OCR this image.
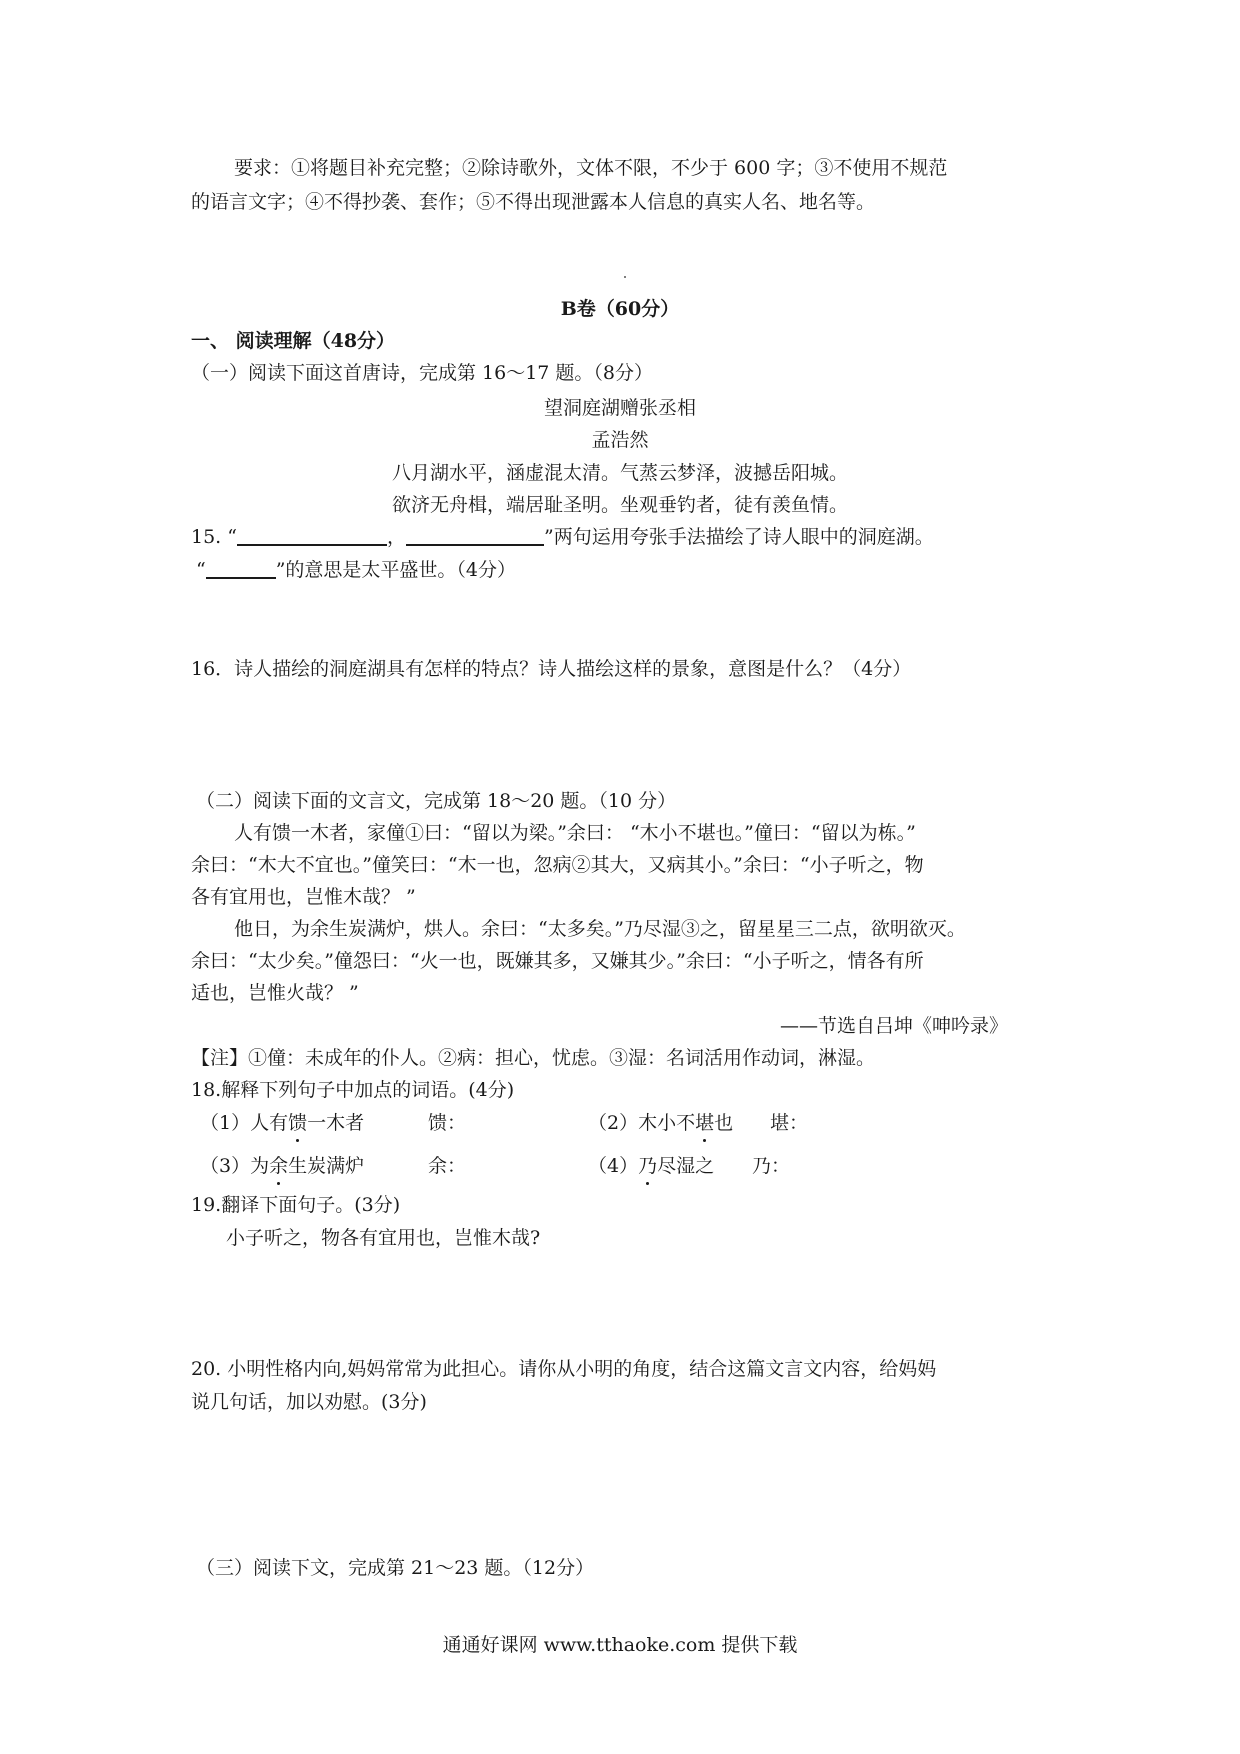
要求：①将题目补充完整；②除诗歌外，文体不限，不少于 600 字；③不使用不规范
的语言文字；④不得抄袭、套作；⑤不得出现泄露本人信息的真实人名、地名等。
B卷（60分）
一、 阅读理解（48分）
（一）阅读下面这首唐诗，完成第 16～17 题。（8分）
望洞庭湖赠张丞相
孟浩然
八月湖水平，涵虚混太清。气蒸云梦泽，波撼岳阳城。
欲济无舟楫，端居耻圣明。坐观垂钓者，徒有羡鱼情。
15. “	，	”两句运用夸张手法描绘了诗人眼中的洞庭湖。
“	”的意思是太平盛世。（4分）
16．诗人描绘的洞庭湖具有怎样的特点？诗人描绘这样的景象，意图是什么？（4分）
（二）阅读下面的文言文，完成第 18～20 题。（10 分）
人有馈一木者，家僮①曰：“留以为梁。”余曰： “木小不堪也。”僮曰：“留以为栋。”
余曰：“木大不宜也。”僮笑曰：“木一也，忽病②其大，又病其小。”余曰：“小子听之，物
各有宜用也，岂惟木哉？ ”
他日，为余生炭满炉，烘人。余曰：“太多矣。”乃尽湿③之，留星星三二点，欲明欲灭。
余曰：“太少矣。”僮怨曰：“火一也，既嫌其多，又嫌其少。”余曰：“小子听之，情各有所
适也，岂惟火哉？ ”
——节选自吕坤《呻吟录》
【注】①僮：未成年的仆人。②病：担心，忧虑。③湿：名词活用作动词，淋湿。
18.解释下列句子中加点的词语。(4分)
（1）人有馈一木者	馈：	（2）木小不堪也 堪：
（3）为余生炭满炉	余：	（4）乃尽湿之 乃：
19.翻译下面句子。(3分)
小子听之，物各有宜用也，岂惟木哉?
20. 小明性格内向,妈妈常常为此担心。请你从小明的角度，结合这篇文言文内容，给妈妈
说几句话，加以劝慰。(3分)
（三）阅读下文，完成第 21～23 题。（12分）
通通好课网 www.tthaoke.com 提供下载
